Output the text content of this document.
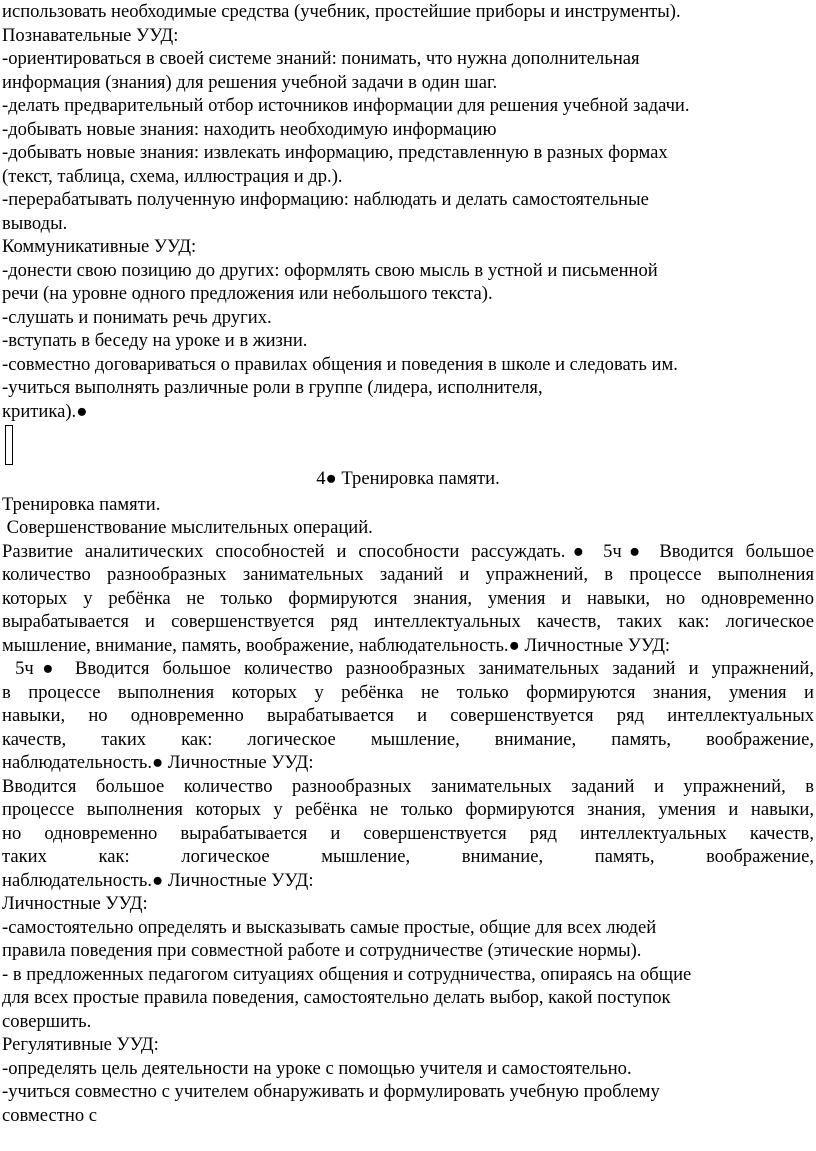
использовать необходимые средства (учебник, простейшие приборы и инструменты).
Познавательные УУД:
-ориентироваться в своей системе знаний: понимать, что нужна дополнительная
информация (знания) для решения учебной задачи в один шаг.
-делать предварительный отбор источников информации для решения учебной задачи.
-добывать новые знания: находить необходимую информацию
-добывать новые знания: извлекать информацию, представленную в разных формах
(текст, таблица, схема, иллюстрация и др.).
-перерабатывать полученную информацию: наблюдать и делать самостоятельные
выводы.
Коммуникативные УУД:
-донести свою позицию до других: оформлять свою мысль в устной и письменной
речи (на уровне одного предложения или небольшого текста).
-слушать и понимать речь других.
-вступать в беседу на уроке и в жизни.
-совместно договариваться о правилах общения и поведения в школе и следовать им.
-учиться выполнять различные роли в группе (лидера, исполнителя,
критика).●
4● Тренировка памяти.
Тренировка памяти.
Совершенствование мыслительных операций.
Развитие аналитических способностей и способности рассуждать.● 5ч● Вводится большое
количество разнообразных занимательных заданий и упражнений, в процессе выполнения
которых у ребёнка не только формируются знания, умения и навыки, но одновременно
вырабатывается и совершенствуется ряд интеллектуальных качеств, таких как: логическое
мышление, внимание, память, воображение, наблюдательность.● Личностные УУД:
5ч● Вводится большое количество разнообразных занимательных заданий и упражнений,
в процессе выполнения которых у ребёнка не только формируются знания, умения и
навыки, но одновременно вырабатывается и совершенствуется ряд интеллектуальных
качеств, таких как: логическое мышление, внимание, память, воображение,
наблюдательность.● Личностные УУД:
Вводится большое количество разнообразных занимательных заданий и упражнений, в
процессе выполнения которых у ребёнка не только формируются знания, умения и навыки,
но одновременно вырабатывается и совершенствуется ряд интеллектуальных качеств,
таких как: логическое мышление, внимание, память, воображение,
наблюдательность.● Личностные УУД:
Личностные УУД:
-самостоятельно определять и высказывать самые простые, общие для всех людей
правила поведения при совместной работе и сотрудничестве (этические нормы).
- в предложенных педагогом ситуациях общения и сотрудничества, опираясь на общие
для всех простые правила поведения, самостоятельно делать выбор, какой поступок
совершить.
Регулятивные УУД:
-определять цель деятельности на уроке с помощью учителя и самостоятельно.
-учиться совместно с учителем обнаруживать и формулировать учебную проблему
совместно с
